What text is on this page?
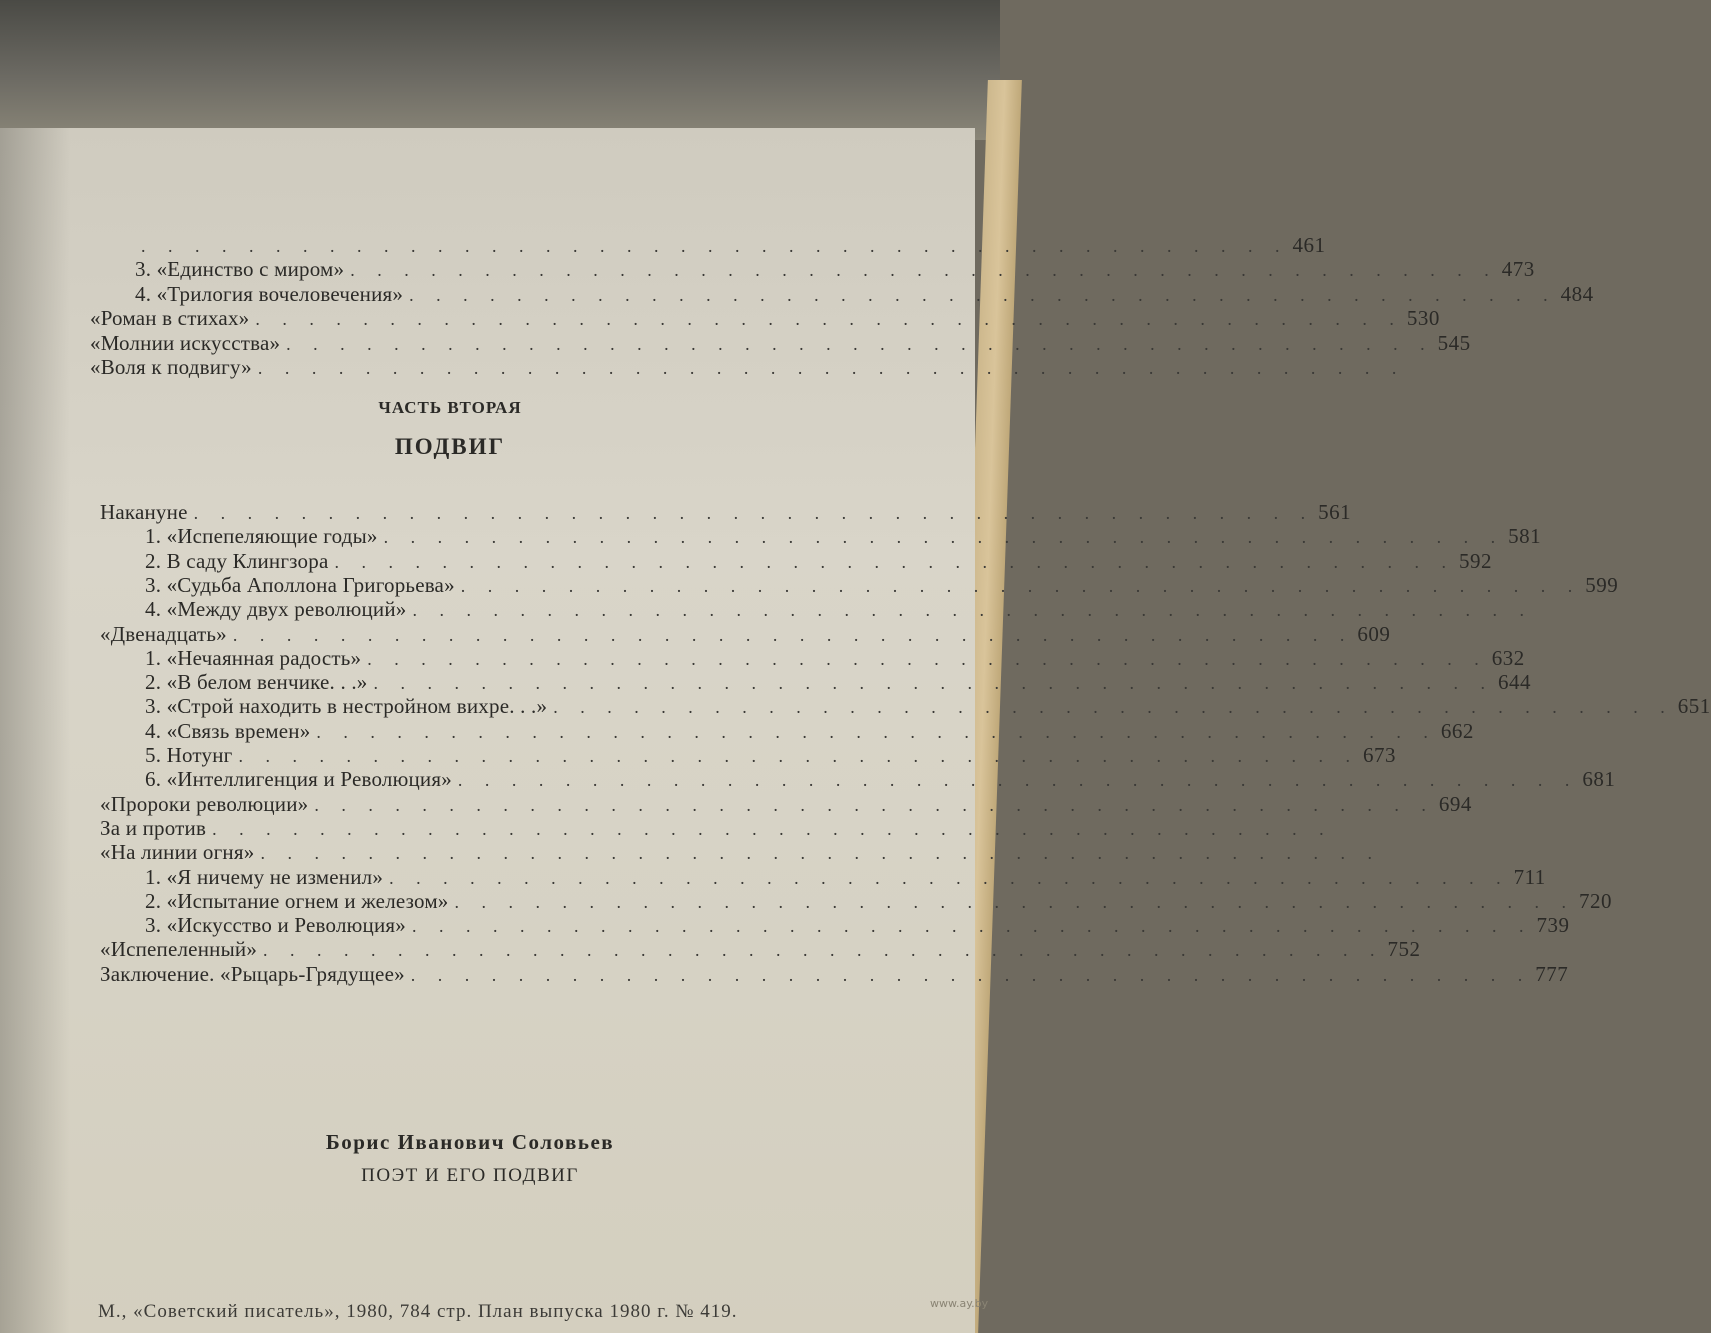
. . . . . . . . . . . . . . . . . . . . . . . . . . . . . . . . . . . . . . . . . . . 461
3. «Единство с миром» . . . . . . . . . . . . . . . . . . . . . . . . . . . . . . . . . . . . . . . . . . . 473
4. «Трилогия вочеловечения» . . . . . . . . . . . . . . . . . . . . . . . . . . . . . . . . . . . . . . . . . . . 484
«Роман в стихах» . . . . . . . . . . . . . . . . . . . . . . . . . . . . . . . . . . . . . . . . . . . 530
«Молнии искусства» . . . . . . . . . . . . . . . . . . . . . . . . . . . . . . . . . . . . . . . . . . . 545
«Воля к подвигу» . . . . . . . . . . . . . . . . . . . . . . . . . . . . . . . . . . . . . . . . . . .
ЧАСТЬ ВТОРАЯ
ПОДВИГ
Накануне . . . . . . . . . . . . . . . . . . . . . . . . . . . . . . . . . . . . . . . . . . 561
1. «Испепеляющие годы» . . . . . . . . . . . . . . . . . . . . . . . . . . . . . . . . . . . . . . . . . . 581
2. В саду Клингзора . . . . . . . . . . . . . . . . . . . . . . . . . . . . . . . . . . . . . . . . . . 592
3. «Судьба Аполлона Григорьева» . . . . . . . . . . . . . . . . . . . . . . . . . . . . . . . . . . . . . . . . . . 599
4. «Между двух революций» . . . . . . . . . . . . . . . . . . . . . . . . . . . . . . . . . . . . . . . . . .
«Двенадцать» . . . . . . . . . . . . . . . . . . . . . . . . . . . . . . . . . . . . . . . . . . 609
1. «Нечаянная радость» . . . . . . . . . . . . . . . . . . . . . . . . . . . . . . . . . . . . . . . . . . 632
2. «В белом венчике. . .» . . . . . . . . . . . . . . . . . . . . . . . . . . . . . . . . . . . . . . . . . . 644
3. «Строй находить в нестройном вихре. . .» . . . . . . . . . . . . . . . . . . . . . . . . . . . . . . . . . . . . . . . . . . 651
4. «Связь времен» . . . . . . . . . . . . . . . . . . . . . . . . . . . . . . . . . . . . . . . . . . 662
5. Нотунг . . . . . . . . . . . . . . . . . . . . . . . . . . . . . . . . . . . . . . . . . . 673
6. «Интеллигенция и Революция» . . . . . . . . . . . . . . . . . . . . . . . . . . . . . . . . . . . . . . . . . . 681
«Пророки революции» . . . . . . . . . . . . . . . . . . . . . . . . . . . . . . . . . . . . . . . . . . 694
За и против . . . . . . . . . . . . . . . . . . . . . . . . . . . . . . . . . . . . . . . . . .
«На линии огня» . . . . . . . . . . . . . . . . . . . . . . . . . . . . . . . . . . . . . . . . . .
1. «Я ничему не изменил» . . . . . . . . . . . . . . . . . . . . . . . . . . . . . . . . . . . . . . . . . . 711
2. «Испытание огнем и железом» . . . . . . . . . . . . . . . . . . . . . . . . . . . . . . . . . . . . . . . . . . 720
3. «Искусство и Революция» . . . . . . . . . . . . . . . . . . . . . . . . . . . . . . . . . . . . . . . . . . 739
«Испепеленный» . . . . . . . . . . . . . . . . . . . . . . . . . . . . . . . . . . . . . . . . . . 752
Заключение. «Рыцарь-Грядущее» . . . . . . . . . . . . . . . . . . . . . . . . . . . . . . . . . . . . . . . . . . 777
Борис Иванович Соловьев
ПОЭТ И ЕГО ПОДВИГ
М., «Советский писатель», 1980, 784 стр. План выпуска 1980 г. № 419.	www.ay.by
